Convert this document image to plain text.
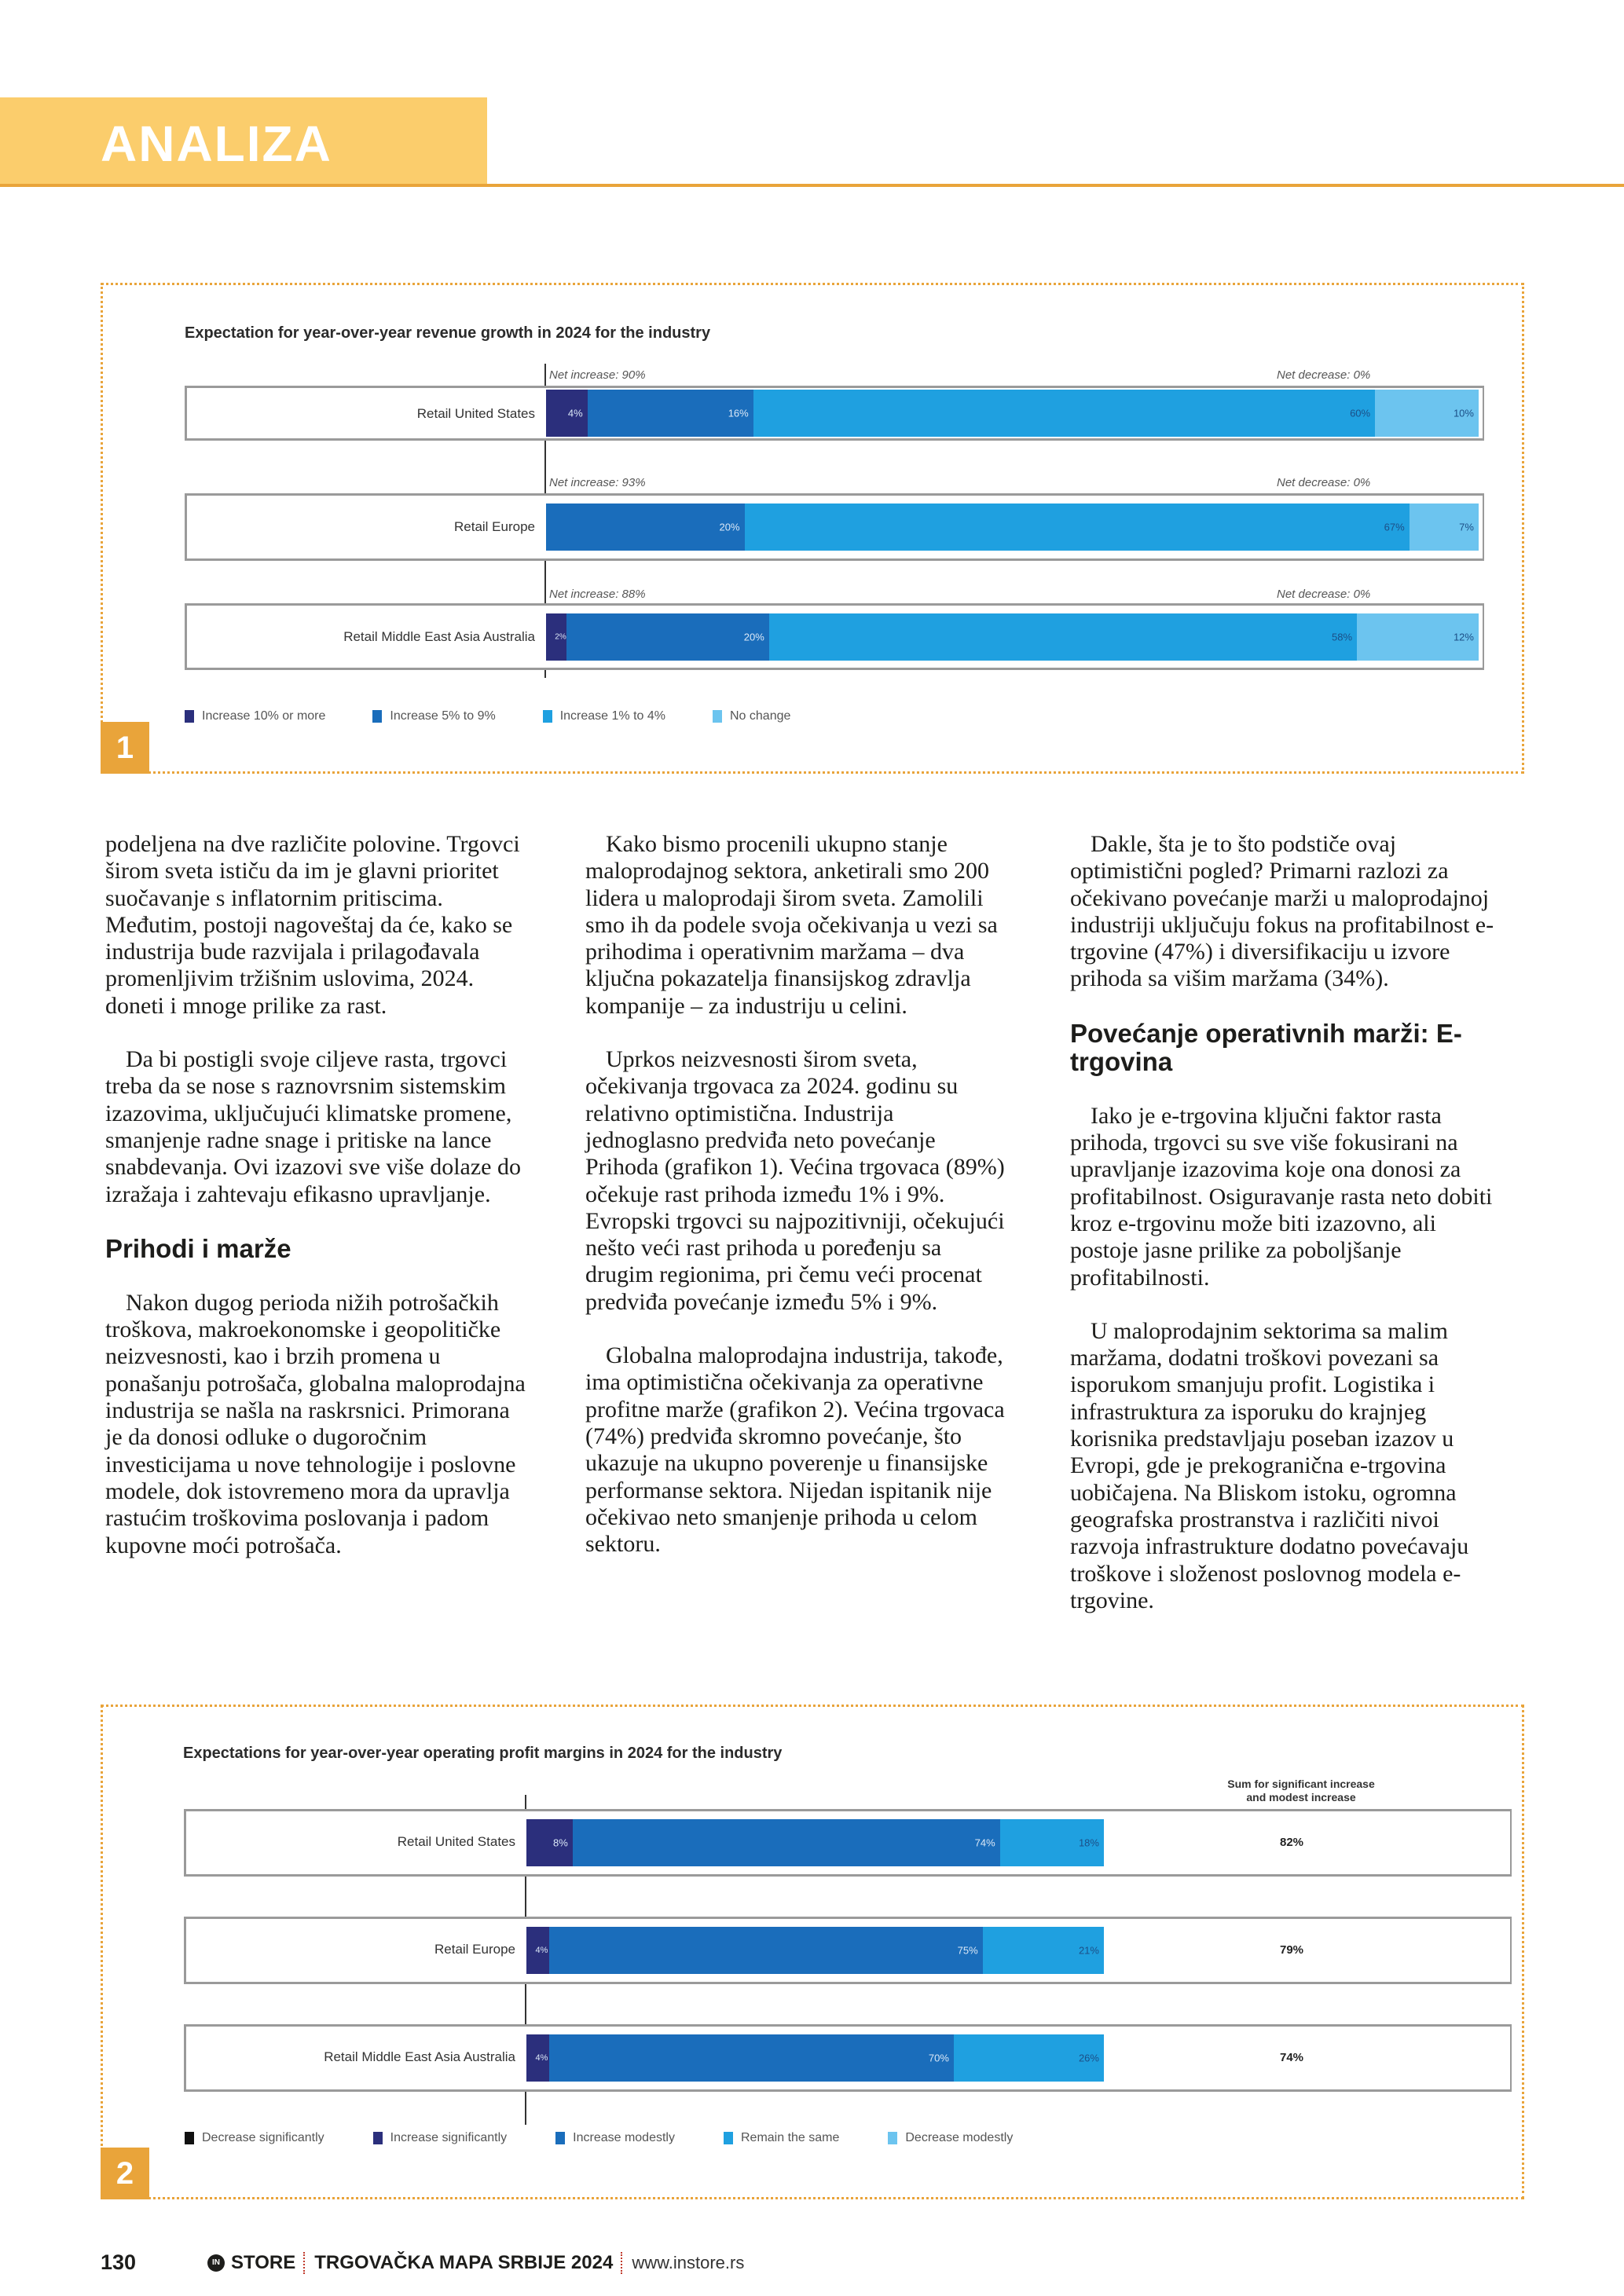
ANALIZA
Expectation for year-over-year revenue growth in 2024 for the industry
Net increase: 90%	Net decrease: 0%
Retail United States	4%	16%	60%	10%
Net increase: 93%	Net decrease: 0%
Retail Europe	20%	67%	7%
Net increase: 88%	Net decrease: 0%
Retail Middle East Asia Australia	2%	20%	58%	12%
Increase 10% or more	Increase 5% to 9%	Increase 1% to 4%	No change
1

podeljena na dve različite polovine. Trgovci širom sveta ističu da im je glavni prioritet suočavanje s inflatornim pritiscima. Međutim, postoji nagoveštaj da će, kako se industrija bude razvijala i prilagođavala promenljivim tržišnim uslovima, 2024. doneti i mnoge prilike za rast.

Da bi postigli svoje ciljeve rasta, trgovci treba da se nose s raznovrsnim sistemskim izazovima, uključujući klimatske promene, smanjenje radne snage i pritiske na lance snabdevanja. Ovi izazovi sve više dolaze do izražaja i zahtevaju efikasno upravljanje.

Prihodi i marže

Nakon dugog perioda nižih potrošačkih troškova, makroekonomske i geopolitičke neizvesnosti, kao i brzih promena u ponašanju potrošača, globalna maloprodajna industrija se našla na raskrsnici. Primorana je da donosi odluke o dugoročnim investicijama u nove tehnologije i poslovne modele, dok istovremeno mora da upravlja rastućim troškovima poslovanja i padom kupovne moći potrošača.

Kako bismo procenili ukupno stanje maloprodajnog sektora, anketirali smo 200 lidera u maloprodaji širom sveta. Zamolili smo ih da podele svoja očekivanja u vezi sa prihodima i operativnim maržama – dva ključna pokazatelja finansijskog zdravlja kompanije – za industriju u celini.

Uprkos neizvesnosti širom sveta, očekivanja trgovaca za 2024. godinu su relativno optimistična. Industrija jednoglasno predviđa neto povećanje Prihoda (grafikon 1). Većina trgovaca (89%) očekuje rast prihoda između 1% i 9%. Evropski trgovci su najpozitivniji, očekujući nešto veći rast prihoda u poređenju sa drugim regionima, pri čemu veći procenat predviđa povećanje između 5% i 9%.

Globalna maloprodajna industrija, takođe, ima optimistična očekivanja za operativne profitne marže (grafikon 2). Većina trgovaca (74%) predviđa skromno povećanje, što ukazuje na ukupno poverenje u finansijske performanse sektora. Nijedan ispitanik nije očekivao neto smanjenje prihoda u celom sektoru.

Dakle, šta je to što podstiče ovaj optimistični pogled? Primarni razlozi za očekivano povećanje marži u maloprodajnoj industriji uključuju fokus na profitabilnost e-trgovine (47%) i diversifikaciju u izvore prihoda sa višim maržama (34%).

Povećanje operativnih marži: E-trgovina

Iako je e-trgovina ključni faktor rasta prihoda, trgovci su sve više fokusirani na upravljanje izazovima koje ona donosi za profitabilnost. Osiguravanje rasta neto dobiti kroz e-trgovinu može biti izazovno, ali postoje jasne prilike za poboljšanje profitabilnosti.

U maloprodajnim sektorima sa malim maržama, dodatni troškovi povezani sa isporukom smanjuju profit. Logistika i infrastruktura za isporuku do krajnjeg korisnika predstavljaju poseban izazov u Evropi, gde je prekogranična e-trgovina uobičajena. Na Bliskom istoku, ogromna geografska prostranstva i različiti nivoi razvoja infrastrukture dodatno povećavaju troškove i složenost poslovnog modela e-trgovine.

Expectations for year-over-year operating profit margins in 2024 for the industry
Sum for significant increase
and modest increase
Retail United States	8%	74%	18%	82%
Retail Europe 4%	75%	21%	79%
Retail Middle East Asia Australia 4%	70%	26%	74%
Decrease significantly	Increase significantly	Increase modestly	Remain the same	Decrease modestly
2
130	IN STORE TRGOVAČKA MAPA SRBIJE 2024 www.instore.rs
